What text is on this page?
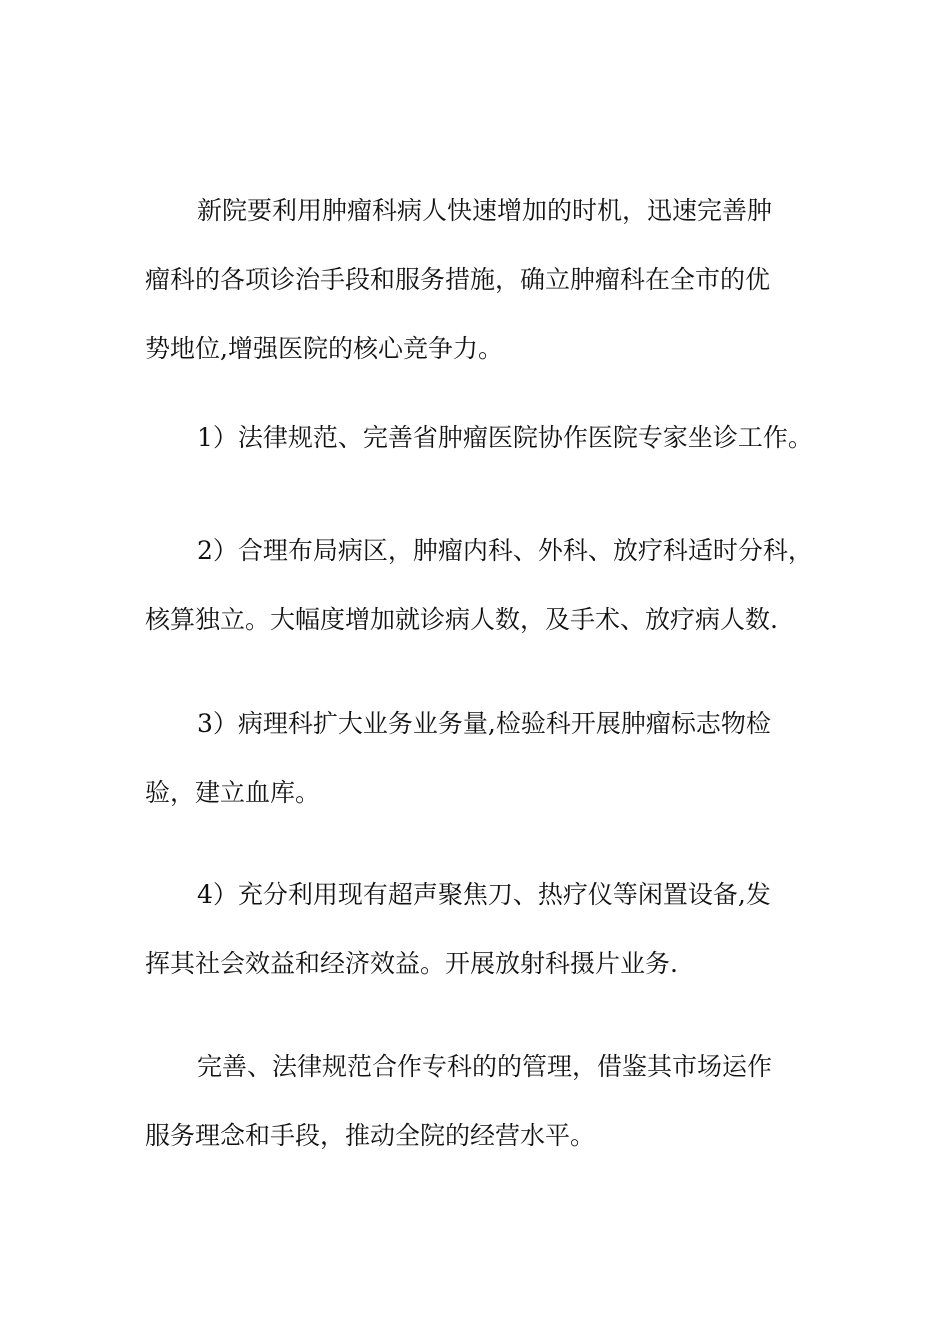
新院要利用肿瘤科病人快速增加的时机，迅速完善肿
瘤科的各项诊治手段和服务措施，确立肿瘤科在全市的优
势地位,增强医院的核心竞争力。
1）法律规范、完善省肿瘤医院协作医院专家坐诊工作。
2）合理布局病区，肿瘤内科、外科、放疗科适时分科，
核算独立。大幅度增加就诊病人数，及手术、放疗病人数.
3）病理科扩大业务业务量,检验科开展肿瘤标志物检
验，建立血库。
4）充分利用现有超声聚焦刀、热疗仪等闲置设备,发
挥其社会效益和经济效益。开展放射科摄片业务.
完善、法律规范合作专科的的管理，借鉴其市场运作
服务理念和手段，推动全院的经营水平。
